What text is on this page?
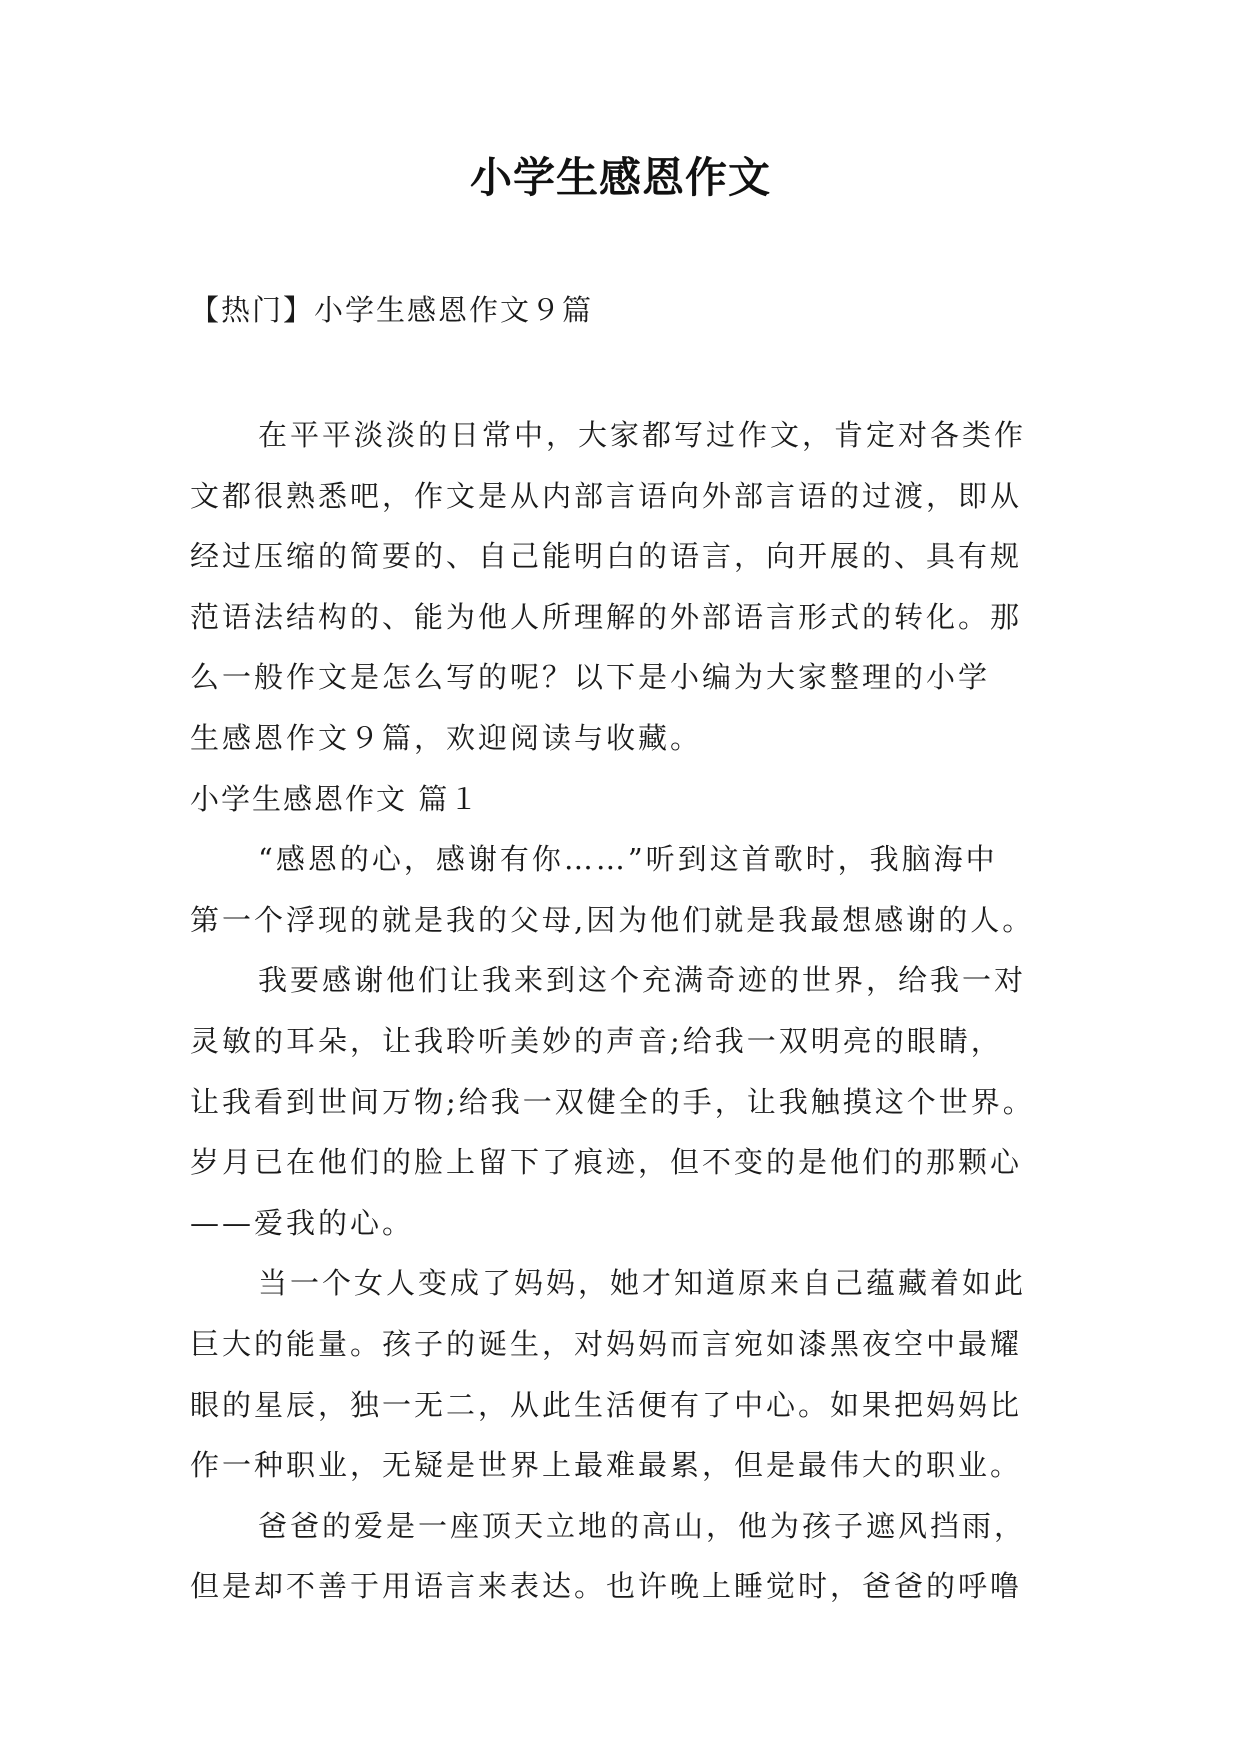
小学生感恩作文
【热门】小学生感恩作文９篇
在平平淡淡的日常中，大家都写过作文，肯定对各类作
文都很熟悉吧，作文是从内部言语向外部言语的过渡，即从
经过压缩的简要的、自己能明白的语言，向开展的、具有规
范语法结构的、能为他人所理解的外部语言形式的转化。那
么一般作文是怎么写的呢？以下是小编为大家整理的小学
生感恩作文９篇，欢迎阅读与收藏。
小学生感恩作文 篇１
“感恩的心，感谢有你……”听到这首歌时，我脑海中
第一个浮现的就是我的父母,因为他们就是我最想感谢的人。
我要感谢他们让我来到这个充满奇迹的世界，给我一对
灵敏的耳朵，让我聆听美妙的声音;给我一双明亮的眼睛，
让我看到世间万物;给我一双健全的手，让我触摸这个世界。
岁月已在他们的脸上留下了痕迹，但不变的是他们的那颗心
——爱我的心。
当一个女人变成了妈妈，她才知道原来自己蕴藏着如此
巨大的能量。孩子的诞生，对妈妈而言宛如漆黑夜空中最耀
眼的星辰，独一无二，从此生活便有了中心。如果把妈妈比
作一种职业，无疑是世界上最难最累，但是最伟大的职业。
爸爸的爱是一座顶天立地的高山，他为孩子遮风挡雨，
但是却不善于用语言来表达。也许晚上睡觉时，爸爸的呼噜
